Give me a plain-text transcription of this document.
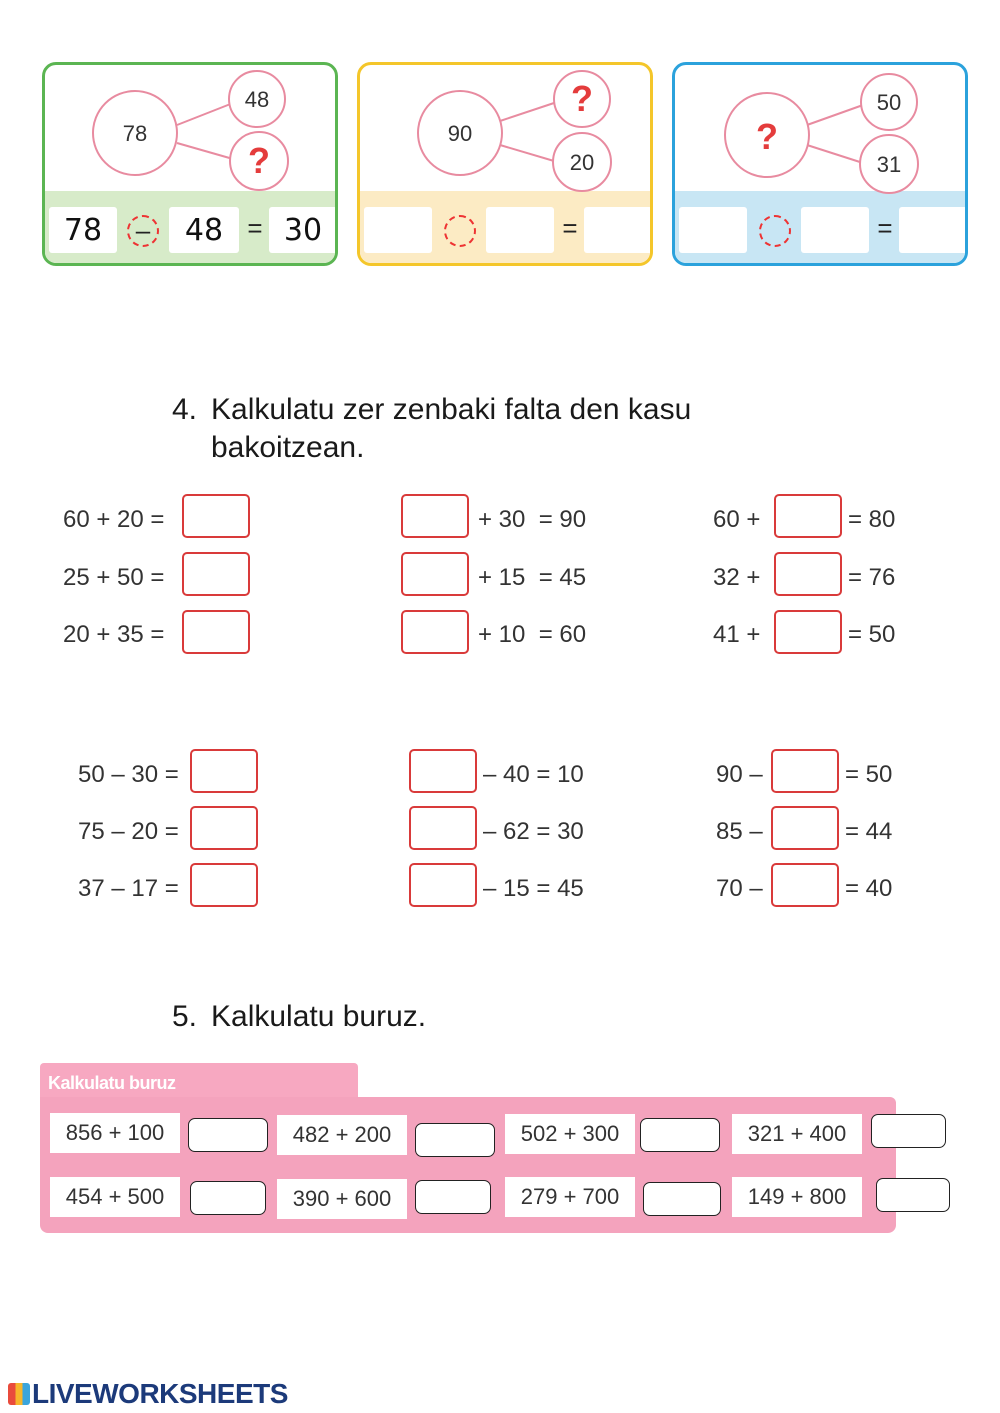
78
48
?
78	–	48 = 30
90
?
20
=
?
50
31
=
4. Kalkulatu zer zenbaki falta den kasu
bakoitzean.
60 + 20 =
25 + 50 =
20 + 35 =
+ 30  = 90
+ 15  = 45
+ 10  = 60
60 +	= 80
32 +	= 76
41 +	= 50
50 – 30 =
75 – 20 =
37 – 17 =
– 40 = 10
– 62 = 30
– 15 = 45
90 –	= 50
85 –	= 44
70 –	= 40
5. Kalkulatu buruz.
Kalkulatu buruz
856 + 100	482 + 200	502 + 300	321 + 400
454 + 500	390 + 600	279 + 700	149 + 800
LIVEWORKSHEETS
